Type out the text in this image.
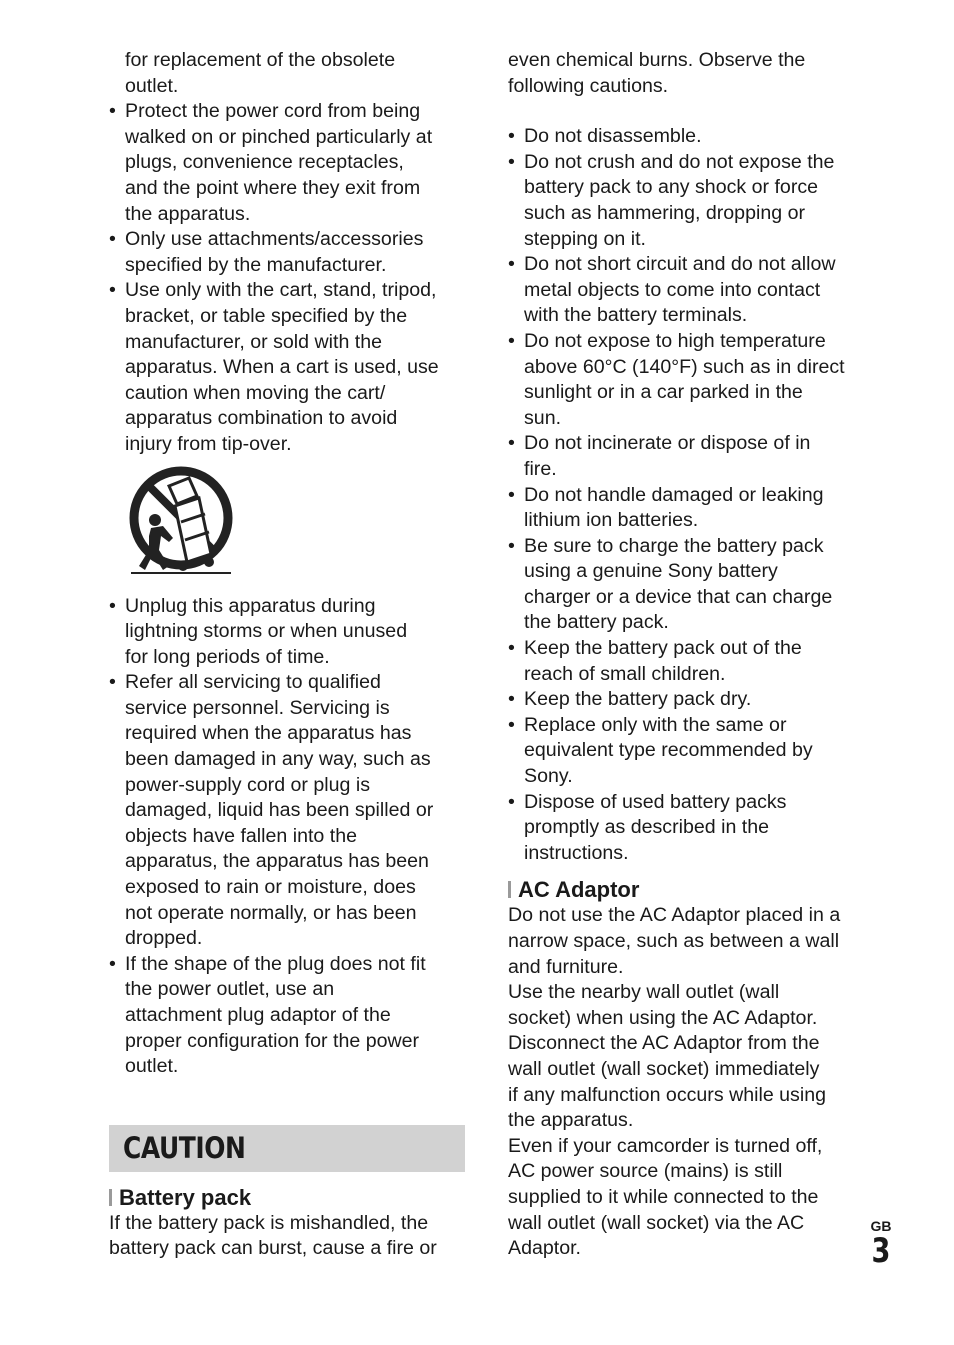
for replacement of the obsolete
outlet.
• Protect the power cord from being
walked on or pinched particularly at
plugs, convenience receptacles,
and the point where they exit from
the apparatus.
• Only use attachments/accessories
specified by the manufacturer.
• Use only with the cart, stand, tripod,
bracket, or table specified by the
manufacturer, or sold with the
apparatus. When a cart is used, use
caution when moving the cart/
apparatus combination to avoid
injury from tip-over.
• Unplug this apparatus during
lightning storms or when unused
for long periods of time.
• Refer all servicing to qualified
service personnel. Servicing is
required when the apparatus has
been damaged in any way, such as
power-supply cord or plug is
damaged, liquid has been spilled or
objects have fallen into the
apparatus, the apparatus has been
exposed to rain or moisture, does
not operate normally, or has been
dropped.
• If the shape of the plug does not fit
the power outlet, use an
attachment plug adaptor of the
proper configuration for the power
outlet.
CAUTION
Battery pack
If the battery pack is mishandled, the
battery pack can burst, cause a fire or
even chemical burns. Observe the
following cautions.
• Do not disassemble.
• Do not crush and do not expose the
battery pack to any shock or force
such as hammering, dropping or
stepping on it.
• Do not short circuit and do not allow
metal objects to come into contact
with the battery terminals.
• Do not expose to high temperature
above 60°C (140°F) such as in direct
sunlight or in a car parked in the
sun.
• Do not incinerate or dispose of in
fire.
• Do not handle damaged or leaking
lithium ion batteries.
• Be sure to charge the battery pack
using a genuine Sony battery
charger or a device that can charge
the battery pack.
• Keep the battery pack out of the
reach of small children.
• Keep the battery pack dry.
• Replace only with the same or
equivalent type recommended by
Sony.
• Dispose of used battery packs
promptly as described in the
instructions.
AC Adaptor
Do not use the AC Adaptor placed in a
narrow space, such as between a wall
and furniture.
Use the nearby wall outlet (wall
socket) when using the AC Adaptor.
Disconnect the AC Adaptor from the
wall outlet (wall socket) immediately
if any malfunction occurs while using
the apparatus.
Even if your camcorder is turned off,
AC power source (mains) is still
supplied to it while connected to the
wall outlet (wall socket) via the AC
Adaptor.
GB
3
